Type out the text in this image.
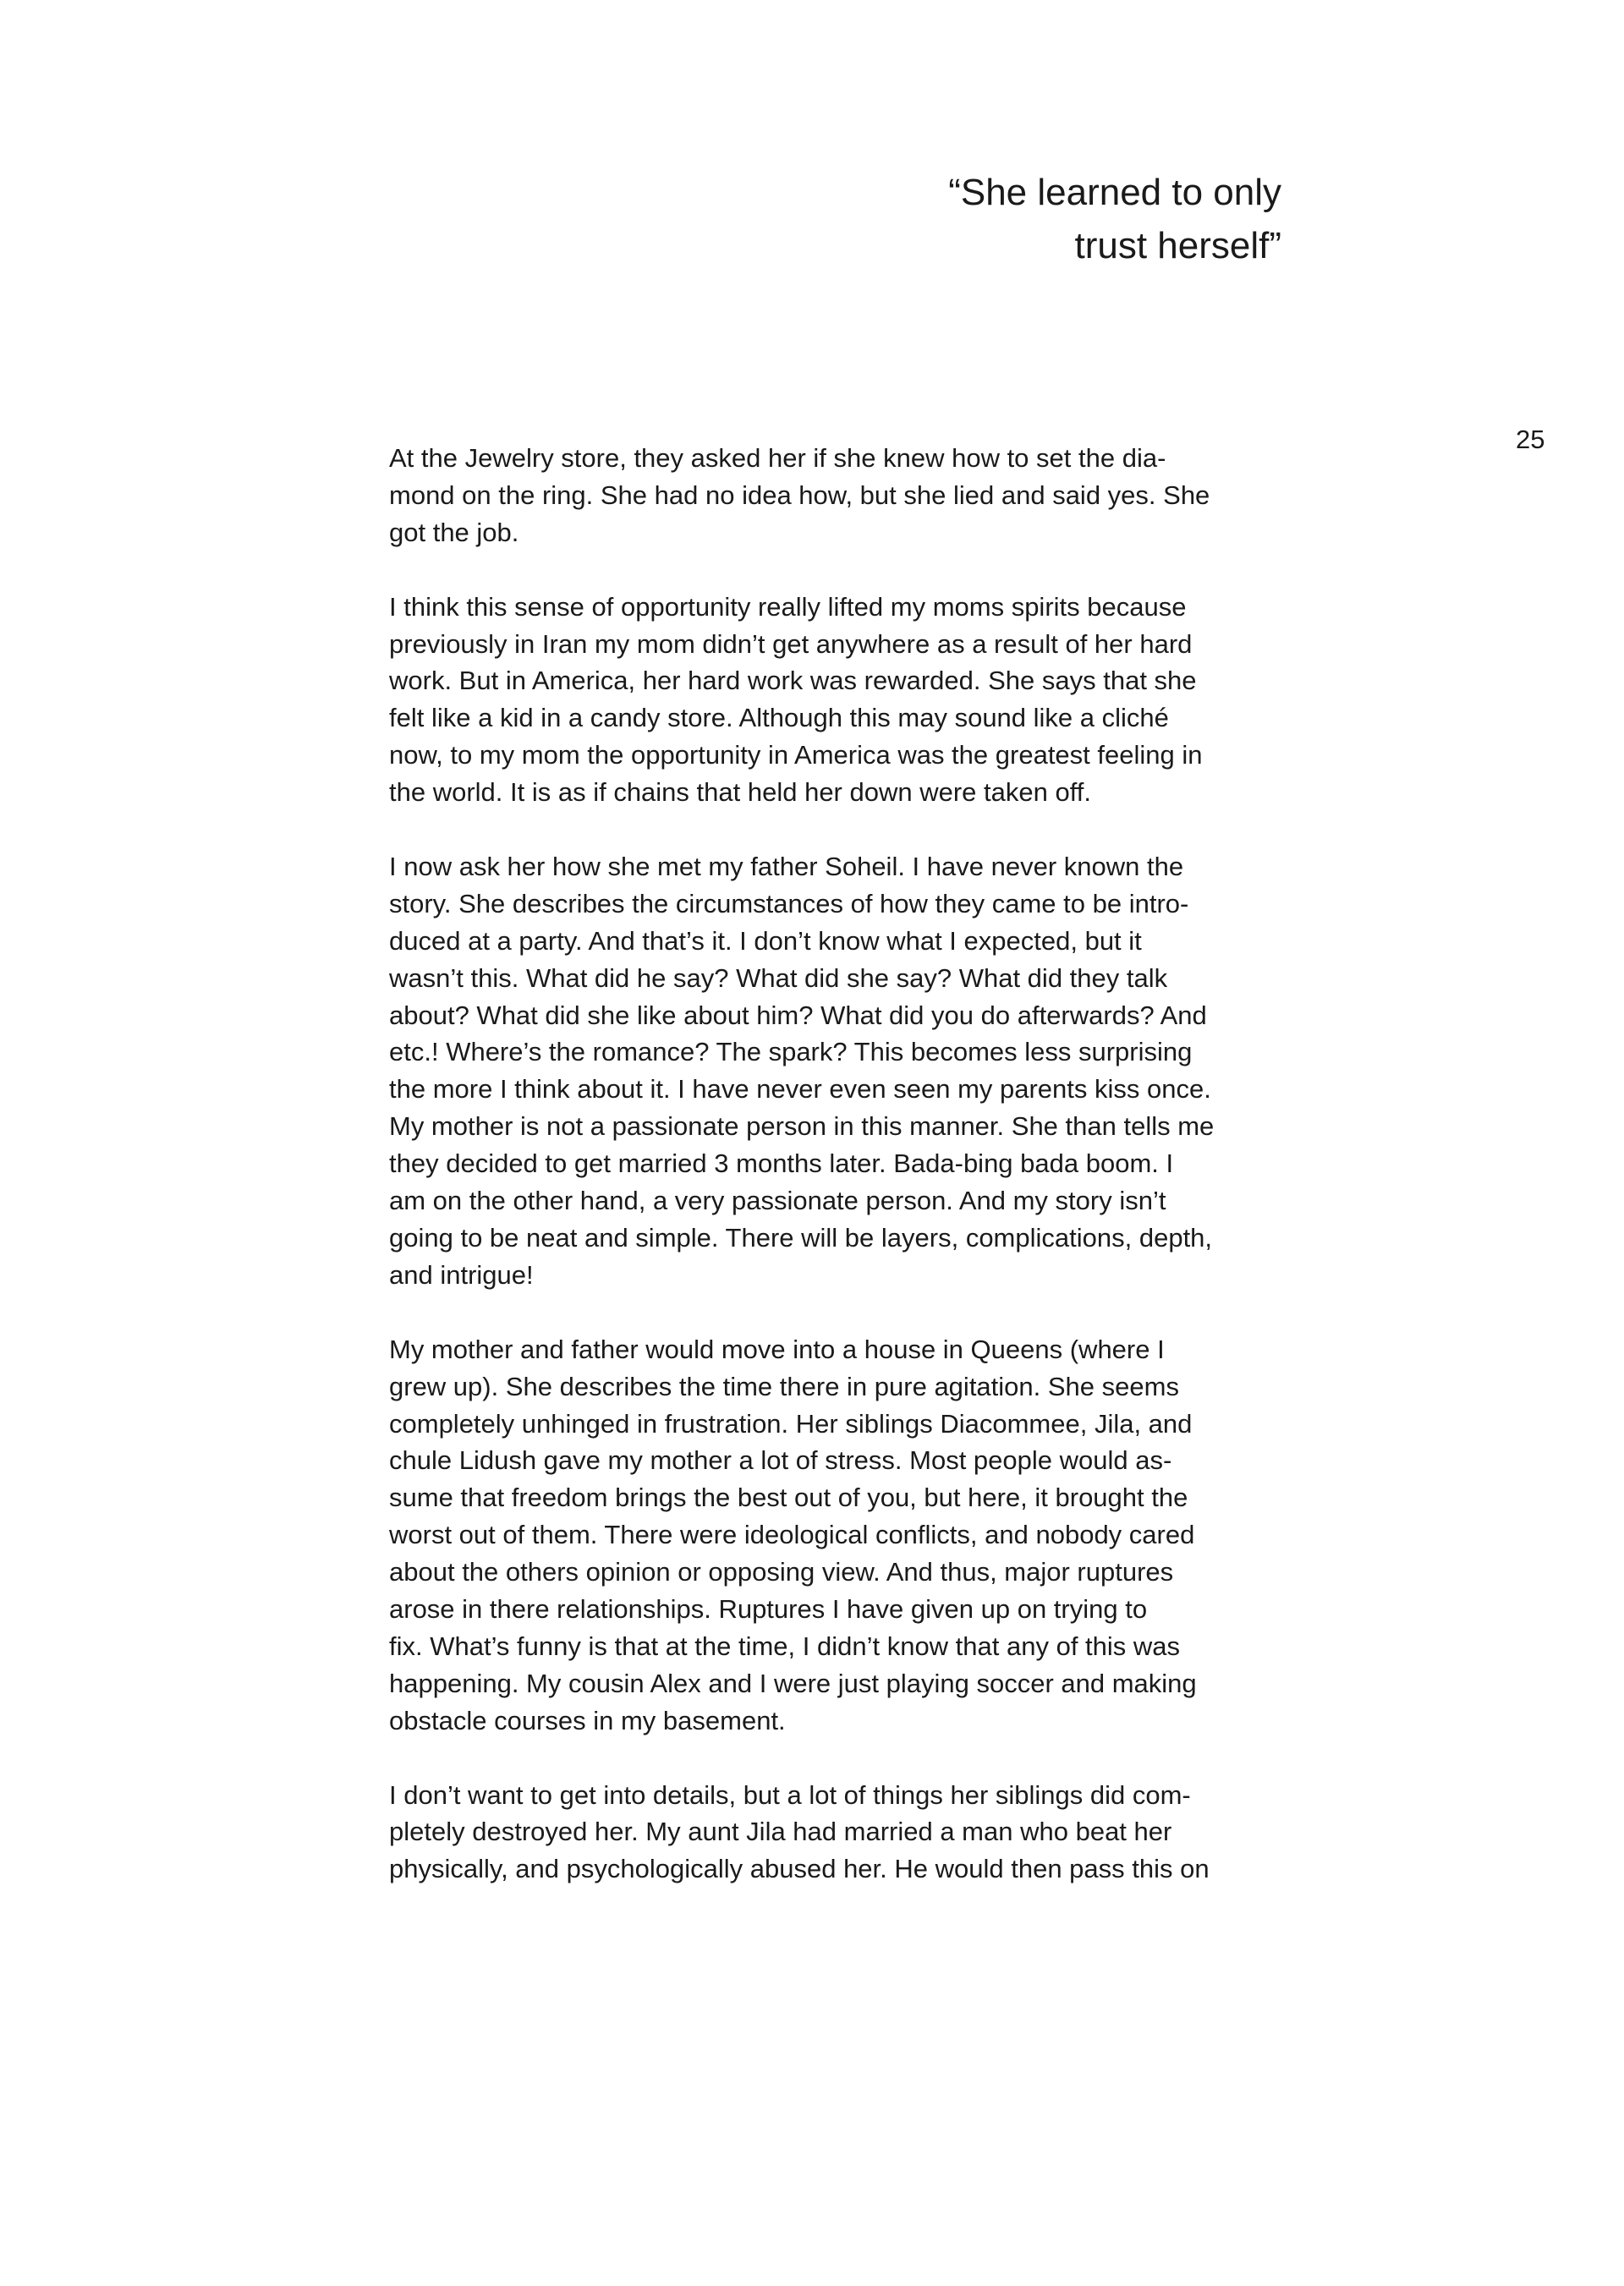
“She learned to only
trust herself”
25
At the Jewelry store, they asked her if she knew how to set the dia-
mond on the ring. She had no idea how, but she lied and said yes. She
got the job.
I think this sense of opportunity really lifted my moms spirits because
previously in Iran my mom didn’t get anywhere as a result of her hard
work. But in America, her hard work was rewarded. She says that she
felt like a kid in a candy store. Although this may sound like a cliché
now, to my mom the opportunity in America was the greatest feeling in
the world. It is as if chains that held her down were taken off.
I now ask her how she met my father Soheil. I have never known the
story. She describes the circumstances of how they came to be intro-
duced at a party. And that’s it. I don’t know what I expected, but it
wasn’t this. What did he say? What did she say? What did they talk
about? What did she like about him? What did you do afterwards? And
etc.! Where’s the romance? The spark? This becomes less surprising
the more I think about it. I have never even seen my parents kiss once.
My mother is not a passionate person in this manner. She than tells me
they decided to get married 3 months later. Bada-bing bada boom. I
am on the other hand, a very passionate person. And my story isn’t
going to be neat and simple. There will be layers, complications, depth,
and intrigue!
My mother and father would move into a house in Queens (where I
grew up). She describes the time there in pure agitation. She seems
completely unhinged in frustration. Her siblings Diacommee, Jila, and
chule Lidush gave my mother a lot of stress. Most people would as-
sume that freedom brings the best out of you, but here, it brought the
worst out of them. There were ideological conflicts, and nobody cared
about the others opinion or opposing view. And thus, major ruptures
arose in there relationships. Ruptures I have given up on trying to
fix. What’s funny is that at the time, I didn’t know that any of this was
happening. My cousin Alex and I were just playing soccer and making
obstacle courses in my basement.
I don’t want to get into details, but a lot of things her siblings did com-
pletely destroyed her. My aunt Jila had married a man who beat her
physically, and psychologically abused her. He would then pass this on
